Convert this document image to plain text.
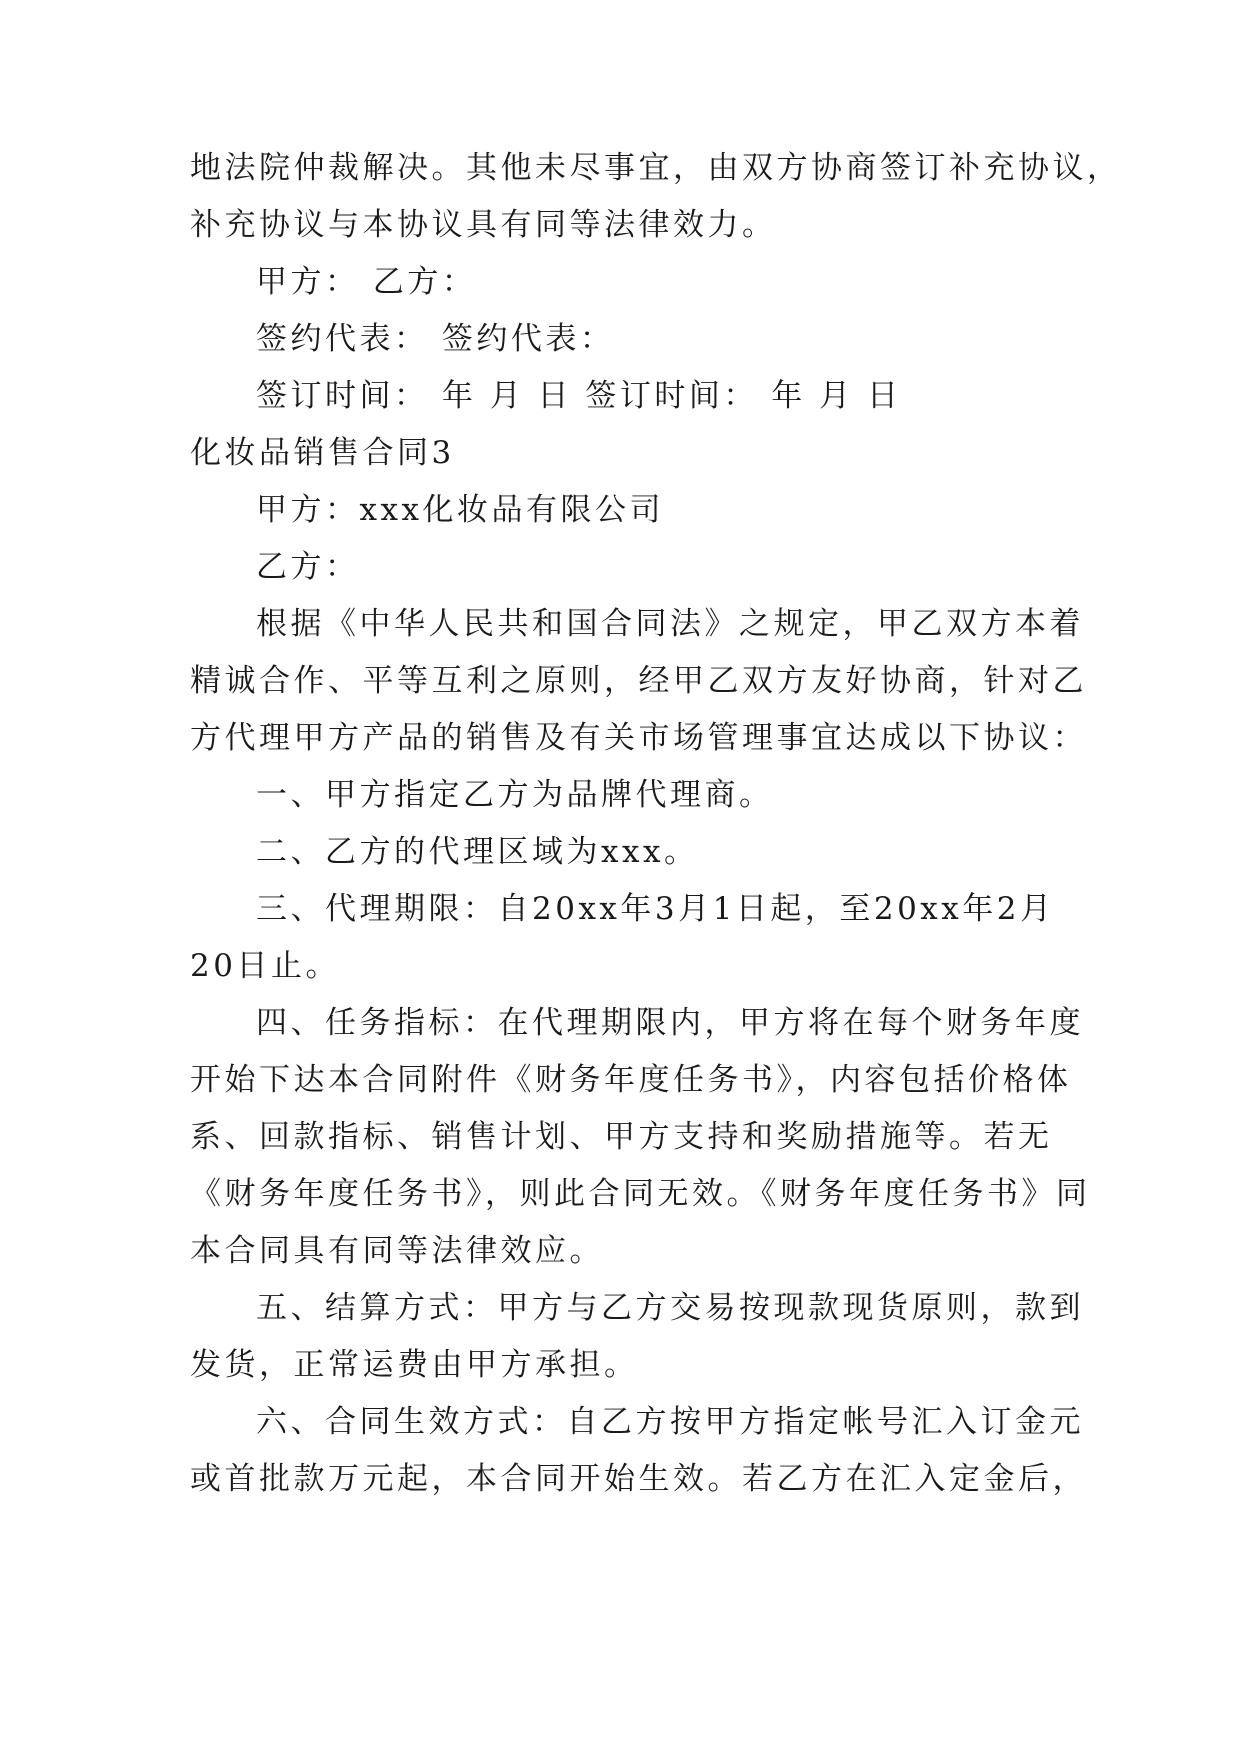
地法院仲裁解决。其他未尽事宜，由双方协商签订补充协议，
补充协议与本协议具有同等法律效力。
甲方： 乙方：
签约代表： 签约代表：
签订时间： 年 月 日 签订时间： 年 月 日
化妆品销售合同3
甲方：xxx化妆品有限公司
乙方：
根据《中华人民共和国合同法》之规定，甲乙双方本着
精诚合作、平等互利之原则，经甲乙双方友好协商，针对乙
方代理甲方产品的销售及有关市场管理事宜达成以下协议：
一、甲方指定乙方为品牌代理商。
二、乙方的代理区域为xxx。
三、代理期限：自20xx年3月1日起，至20xx年2月
20日止。
四、任务指标：在代理期限内，甲方将在每个财务年度
开始下达本合同附件《财务年度任务书》，内容包括价格体
系、回款指标、销售计划、甲方支持和奖励措施等。若无
《财务年度任务书》，则此合同无效。《财务年度任务书》同
本合同具有同等法律效应。
五、结算方式：甲方与乙方交易按现款现货原则，款到
发货，正常运费由甲方承担。
六、合同生效方式：自乙方按甲方指定帐号汇入订金元
或首批款万元起，本合同开始生效。若乙方在汇入定金后，
